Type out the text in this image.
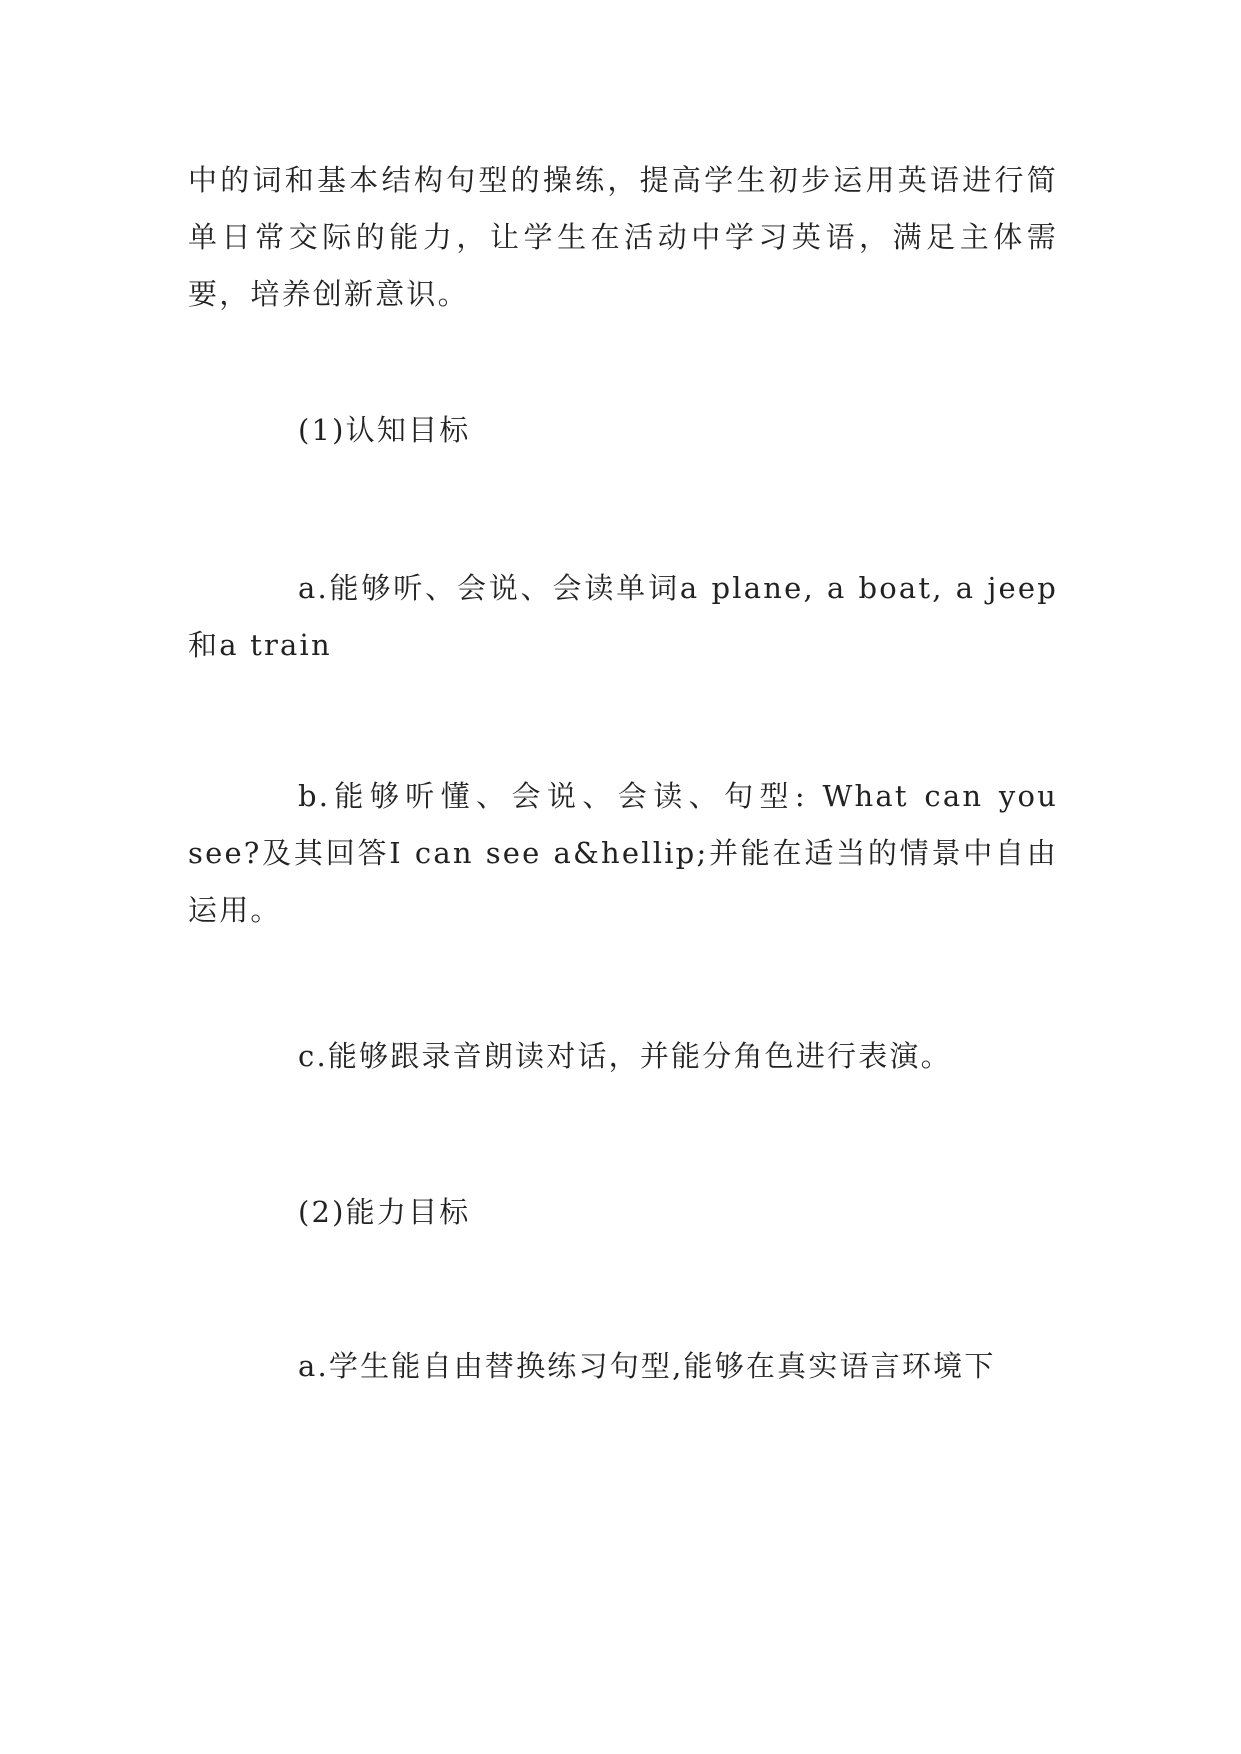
中的词和基本结构句型的操练，提高学生初步运用英语进行简单日常交际的能力，让学生在活动中学习英语，满足主体需要，培养创新意识。

(1)认知目标

a.能够听、会说、会读单词a plane, a boat, a jeep和a train

b.能够听懂、会说、会读、句型: What can you see?及其回答I can see a&hellip;并能在适当的情景中自由运用。

c.能够跟录音朗读对话，并能分角色进行表演。

(2)能力目标

a.学生能自由替换练习句型,能够在真实语言环境下
